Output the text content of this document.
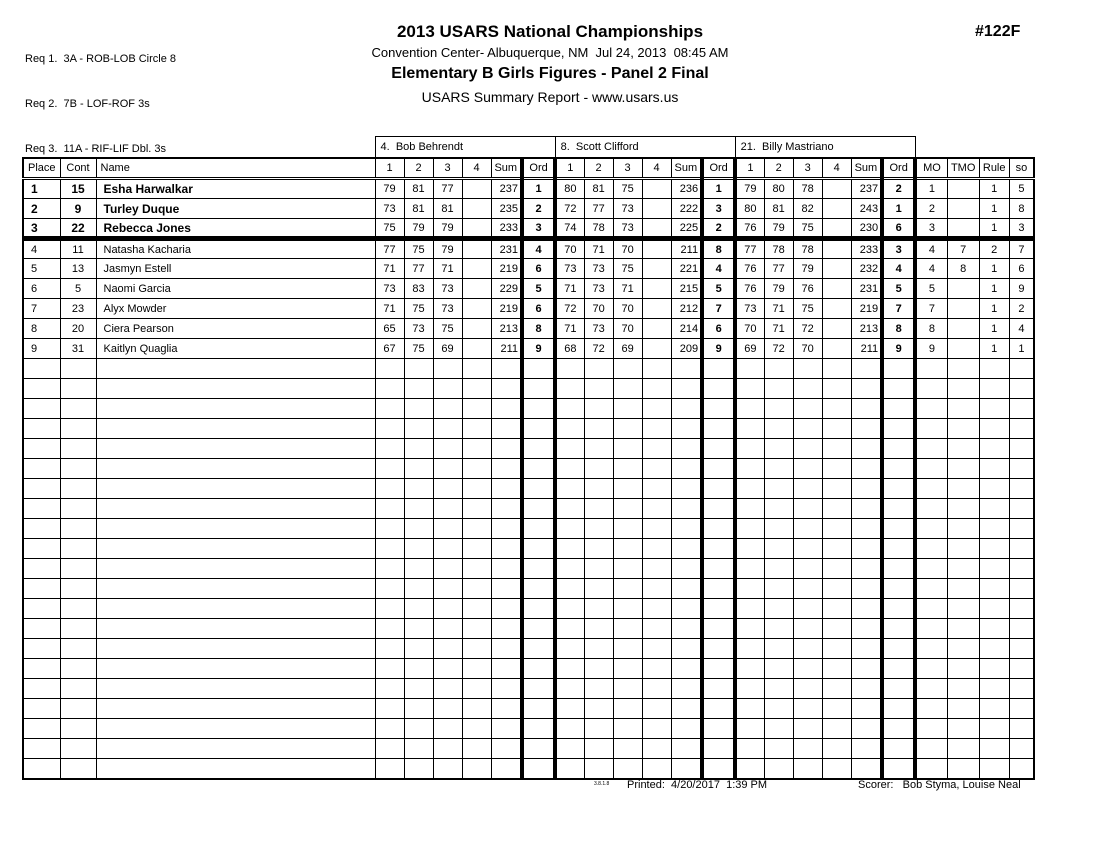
Req 1.  3A - ROB-LOB Circle 8

Req 2.  7B - LOF-ROF 3s

Req 3.  11A - RIF-LIF Dbl. 3s

2013 USARS National Championships
Convention Center- Albuquerque, NM  Jul 24, 2013  08:45 AM
Elementary B Girls Figures - Panel 2 Final
USARS Summary Report - www.usars.us
#122F
			4.  Bob Behrendt						8.  Scott Clifford						21.  Billy Mastriano									
Place	Cont	Name	1	2	3	4	Sum	Ord	1	2	3	4	Sum	Ord	1	2	3	4	Sum	Ord	MO	TMO	Rule	so
1	15	Esha Harwalkar	79	81	77		237	1	80	81	75		236	1	79	80	78		237	2	1		1	5
2	9	Turley Duque	73	81	81		235	2	72	77	73		222	3	80	81	82		243	1	2		1	8
3	22	Rebecca Jones	75	79	79		233	3	74	78	73		225	2	76	79	75		230	6	3		1	3
4	11	Natasha Kacharia	77	75	79		231	4	70	71	70		211	8	77	78	78		233	3	4	7	2	7
5	13	Jasmyn Estell	71	77	71		219	6	73	73	75		221	4	76	77	79		232	4	4	8	1	6
6	5	Naomi Garcia	73	83	73		229	5	71	73	71		215	5	76	79	76		231	5	5		1	9
7	23	Alyx Mowder	71	75	73		219	6	72	70	70		212	7	73	71	75		219	7	7		1	2
8	20	Ciera Pearson	65	73	75		213	8	71	73	70		214	6	70	71	72		213	8	8		1	4
9	31	Kaitlyn Quaglia	67	75	69		211	9	68	72	69		209	9	69	72	70		211	9	9		1	1

3.8.1.8 Printed:  4/20/2017  1:39 PM	Scorer:   Bob Styma, Louise Neal
